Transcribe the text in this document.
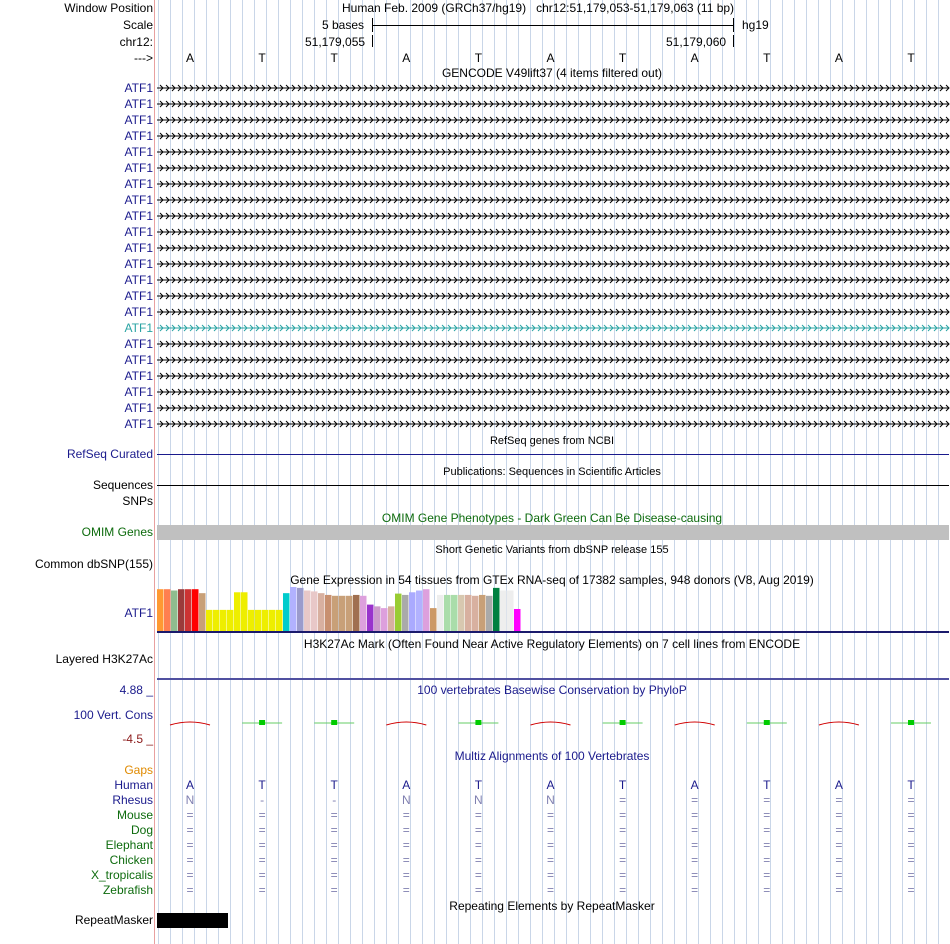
Window Position
Scale
chr12:
--->
Human Feb. 2009 (GRCh37/hg19) chr12:51,179,053-51,179,063 (11 bp)
5 bases	hg19
51,179,055	51,179,060
A	T	T	A	T	A	T	A	T	A	T
GENCODE V49lift37 (4 items filtered out)
ATF1
ATF1
ATF1
ATF1
ATF1
ATF1
ATF1
ATF1
ATF1
ATF1
ATF1
ATF1
ATF1
ATF1
ATF1
ATF1
ATF1
ATF1
ATF1
ATF1
ATF1
ATF1
RefSeq genes from NCBI
RefSeq Curated
Publications: Sequences in Scientific Articles
Sequences
SNPs
OMIM Gene Phenotypes - Dark Green Can Be Disease-causing
OMIM Genes
Short Genetic Variants from dbSNP release 155
Common dbSNP(155)
Gene Expression in 54 tissues from GTEx RNA-seq of 17382 samples, 948 donors (V8, Aug 2019)
ATF1
H3K27Ac Mark (Often Found Near Active Regulatory Elements) on 7 cell lines from ENCODE
Layered H3K27Ac
100 vertebrates Basewise Conservation by PhyloP
4.88 _
100 Vert. Cons
-4.5 _
Multiz Alignments of 100 Vertebrates
Gaps
Human	A	T	T	A	T	A	T	A	T	A	T
Rhesus	N	-	-	N	N	N	=	=	=	=	=
Mouse	=	=	=	=	=	=	=	=	=	=	=
Dog	=	=	=	=	=	=	=	=	=	=	=
Elephant	=	=	=	=	=	=	=	=	=	=	=
Chicken	=	=	=	=	=	=	=	=	=	=	=
X_tropicalis	=	=	=	=	=	=	=	=	=	=	=
Zebrafish	=	=	=	=	=	=	=	=	=	=	=
Repeating Elements by RepeatMasker
RepeatMasker
